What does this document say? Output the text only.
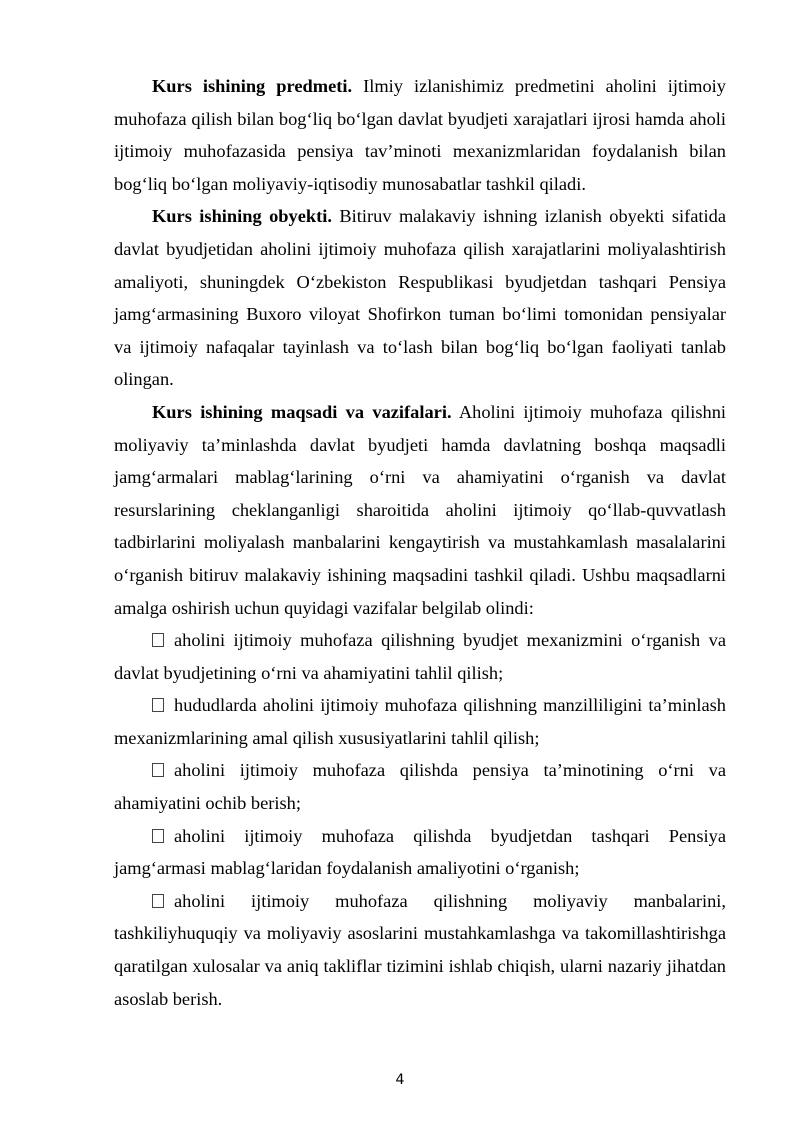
Kurs ishining predmeti. Ilmiy izlanishimiz predmetini aholini ijtimoiy muhofaza qilish bilan bog‘liq bo‘lgan davlat byudjeti xarajatlari ijrosi hamda aholi ijtimoiy muhofazasida pensiya tav’minoti mexanizmlaridan foydalanish bilan bog‘liq bo‘lgan moliyaviy-iqtisodiy munosabatlar tashkil qiladi.

Kurs ishining obyekti. Bitiruv malakaviy ishning izlanish obyekti sifatida davlat byudjetidan aholini ijtimoiy muhofaza qilish xarajatlarini moliyalashtirish amaliyoti, shuningdek O‘zbekiston Respublikasi byudjetdan tashqari Pensiya jamg‘armasining Buxoro viloyat Shofirkon tuman bo‘limi tomonidan pensiyalar va ijtimoiy nafaqalar tayinlash va to‘lash bilan bog‘liq bo‘lgan faoliyati tanlab olingan.

Kurs ishining maqsadi va vazifalari. Aholini ijtimoiy muhofaza qilishni moliyaviy ta’minlashda davlat byudjeti hamda davlatning boshqa maqsadli jamg‘armalari mablag‘larining o‘rni va ahamiyatini o‘rganish va davlat resurslarining cheklanganligi sharoitida aholini ijtimoiy qo‘llab-quvvatlash tadbirlarini moliyalash manbalarini kengaytirish va mustahkamlash masalalarini o‘rganish bitiruv malakaviy ishining maqsadini tashkil qiladi. Ushbu maqsadlarni amalga oshirish uchun quyidagi vazifalar belgilab olindi:

aholini ijtimoiy muhofaza qilishning byudjet mexanizmini o‘rganish va davlat byudjetining o‘rni va ahamiyatini tahlil qilish;

hududlarda aholini ijtimoiy muhofaza qilishning manzilliligini ta’minlash mexanizmlarining amal qilish xususiyatlarini tahlil qilish;

aholini ijtimoiy muhofaza qilishda pensiya ta’minotining o‘rni va ahamiyatini ochib berish;

aholini ijtimoiy muhofaza qilishda byudjetdan tashqari Pensiya jamg‘armasi mablag‘laridan foydalanish amaliyotini o‘rganish;

aholini ijtimoiy muhofaza qilishning moliyaviy manbalarini, tashkiliyhuquqiy va moliyaviy asoslarini mustahkamlashga va takomillashtirishga qaratilgan xulosalar va aniq takliflar tizimini ishlab chiqish, ularni nazariy jihatdan asoslab berish.

4
